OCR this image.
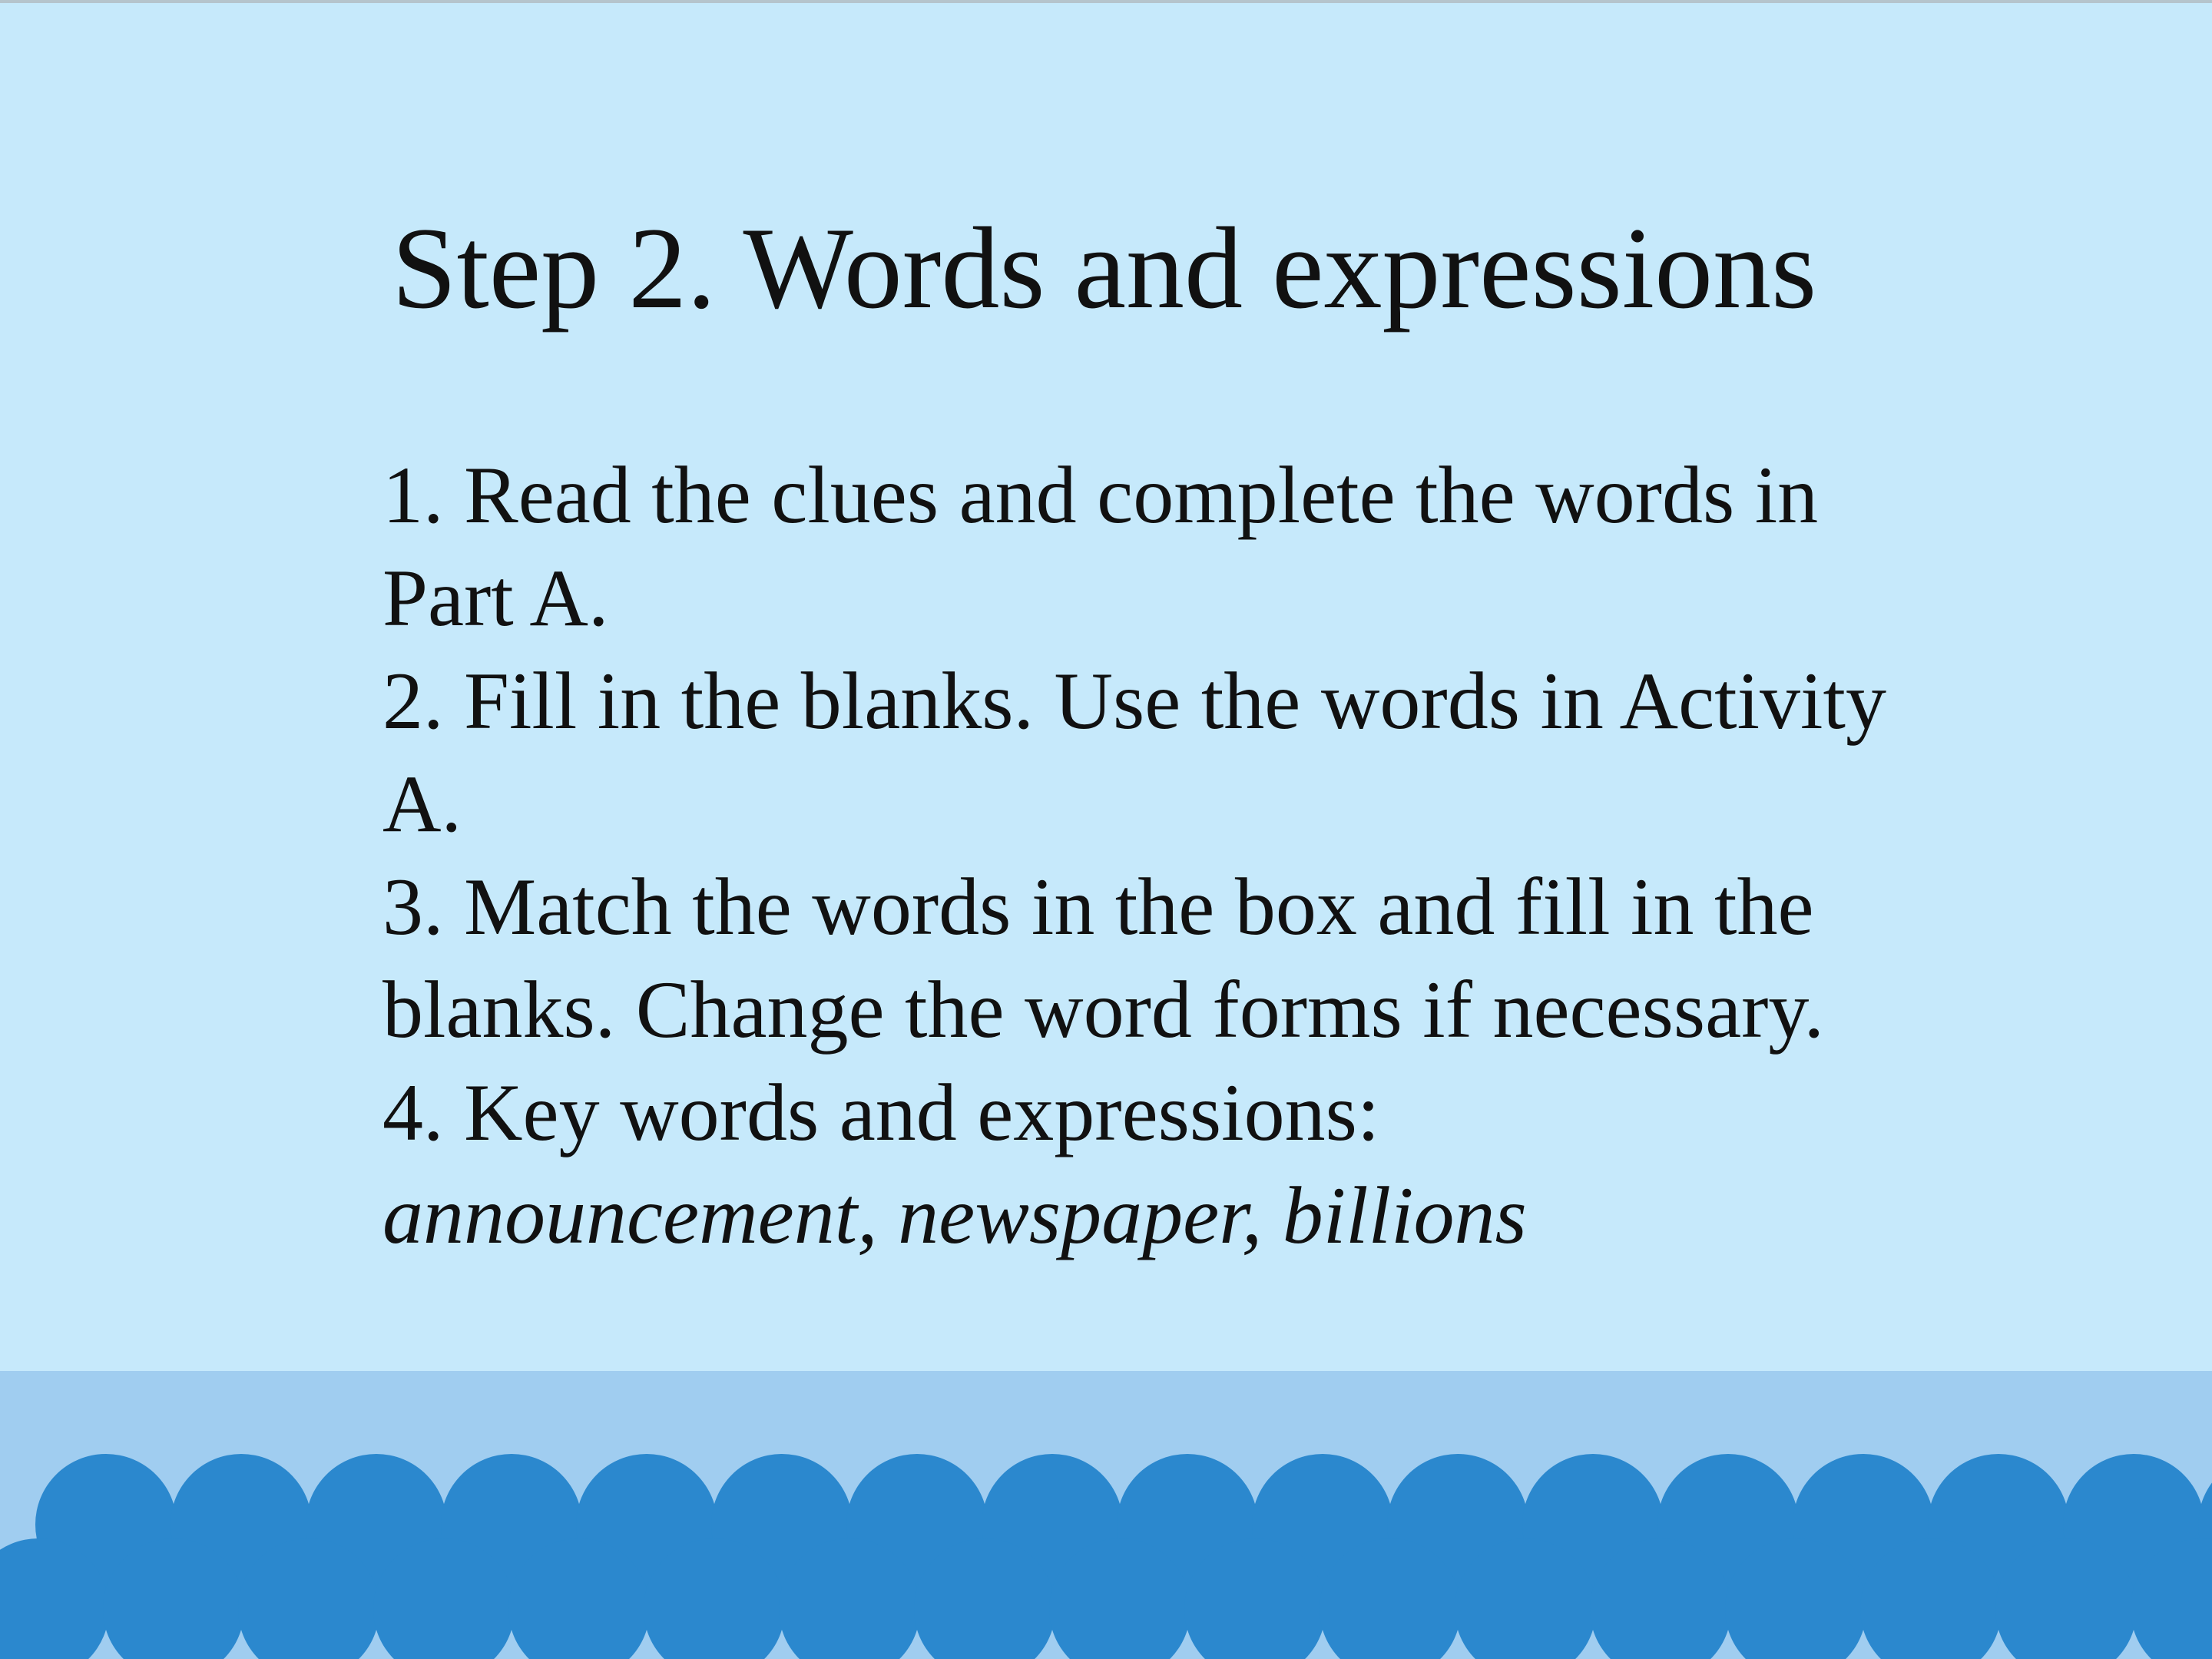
Step 2. Words and expressions

1. Read the clues and complete the words in Part A.

2. Fill in the blanks. Use the words in Activity A.

3. Match the words in the box and fill in the blanks. Change the word forms if necessary.

4. Key words and expressions:

announcement, newspaper, billions
